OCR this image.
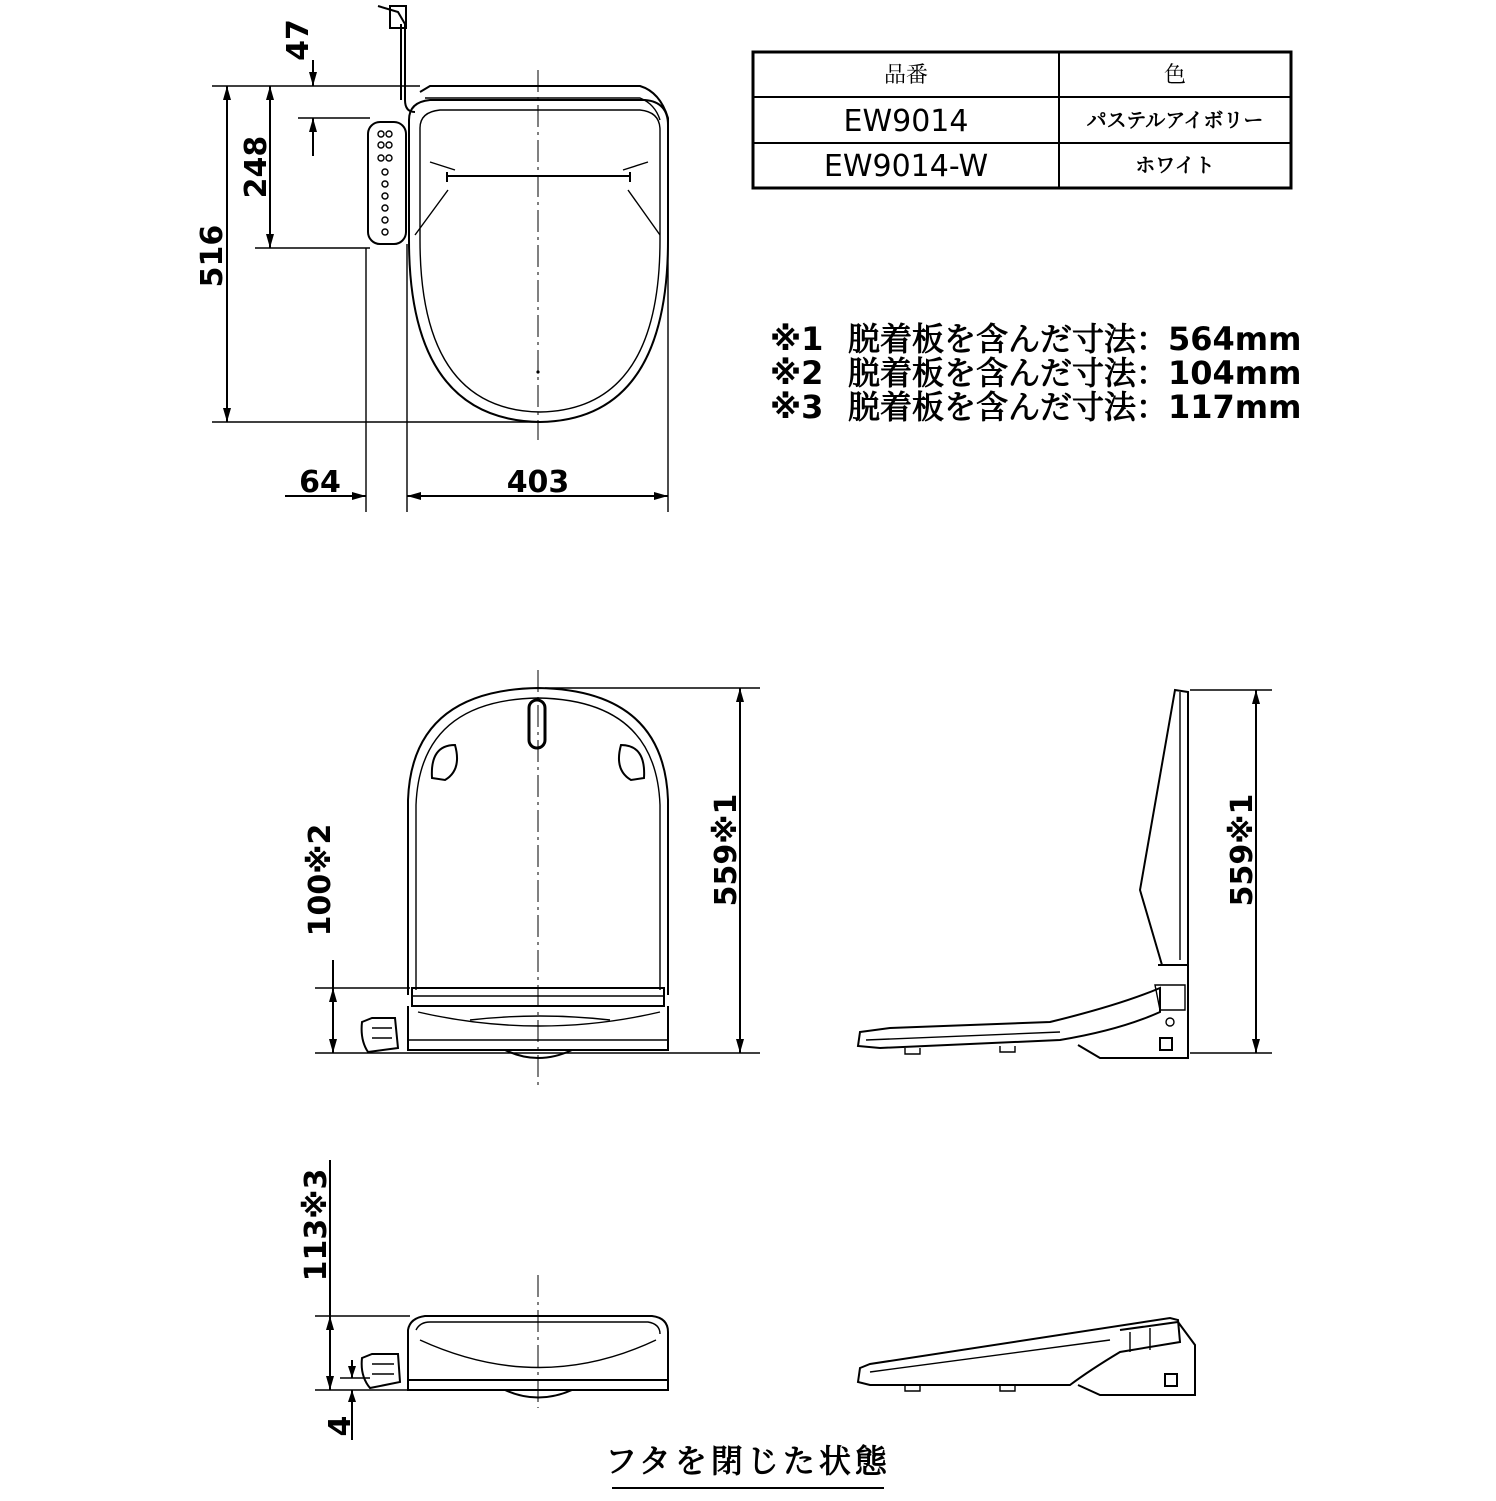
品番	色
EW9014	パステルアイボリー
EW9014-W	ホワイト
※1 脱着板を含んだ寸法：564mm
※2 脱着板を含んだ寸法：104mm
※3 脱着板を含んだ寸法：117mm
47
248
516
64	403
559※1
100※2	559※1
113※3
4
フタを閉じた状態
